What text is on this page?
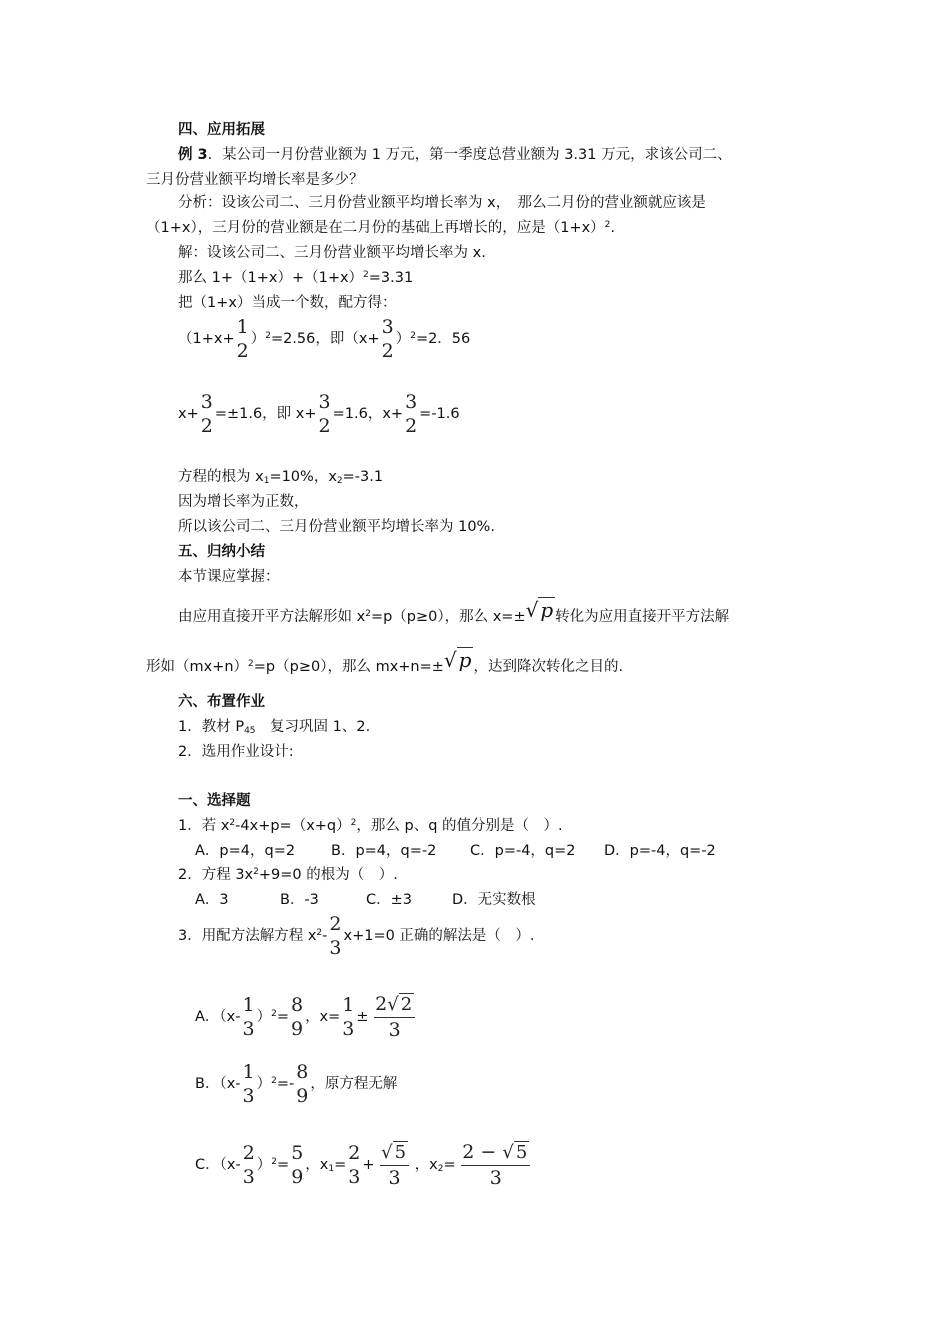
四、应用拓展
例 3．某公司一月份营业额为 1 万元，第一季度总营业额为 3.31 万元，求该公司二、
三月份营业额平均增长率是多少？
分析：设该公司二、三月份营业额平均增长率为 x，　那么二月份的营业额就应该是
（1+x），三月份的营业额是在二月份的基础上再增长的，应是$(1+x)^2$.
解：设该公司二、三月份营业额平均增长率为 x.
那么 $1+(1+x)+(1+x)^2=3.31$
把（1+x）当成一个数，配方得：
（1+x+
1
2
）$^2$=2.56，即（x+
3
2
）$^2$=2．56
x+
3
2
=±1.6，即 x+
3
2
=1.6，x+
3
2
=-1.6
方程的根为 $x_1=10\%$，$x_2=-3.1$
因为增长率为正数，
所以该公司二、三月份营业额平均增长率为 10%.
五、归纳小结
本节课应掌握：
由应用直接开平方法解形如 $x^2=p(p\ge 0)$，那么 x=±√ p 转化为应用直接开平方法解
形如$(mx+n)^2=p(p\ge 0)$，那么 mx+n=±√ p ，达到降次转化之目的.
六、布置作业
1．教材 $P_{45}$　复习巩固 1、2.
2．选用作业设计:
一、选择题
1．若 $x^2-4x+p=(x+q)^2$，那么 p、q 的值分别是（　）.
A．p=4，q=2 B．p=4，q=-2 C．p=-4，q=2 D．p=-4，q=-2
2．方程 $3x^2+9=0$ 的根为（　）.
A．3	B．-3	C．±3	D．无实数根
3．用配方法解方程 $x^2-$
2
3
x+1=0 正确的解法是（　）.
A．（x-
1
3
）$^2$=
8
9
，x=
1
3
± $\frac{2√ 2}{3}$
B．（x-
1
3
）$^2$=-
8
9
，原方程无解
C．（x-
2
3
）$^2$=
5
9
，$x_1=$
2
3
+ $\frac{√ 5}{3}$ ，$x_2= \frac{2 - √ 5}{3}$
